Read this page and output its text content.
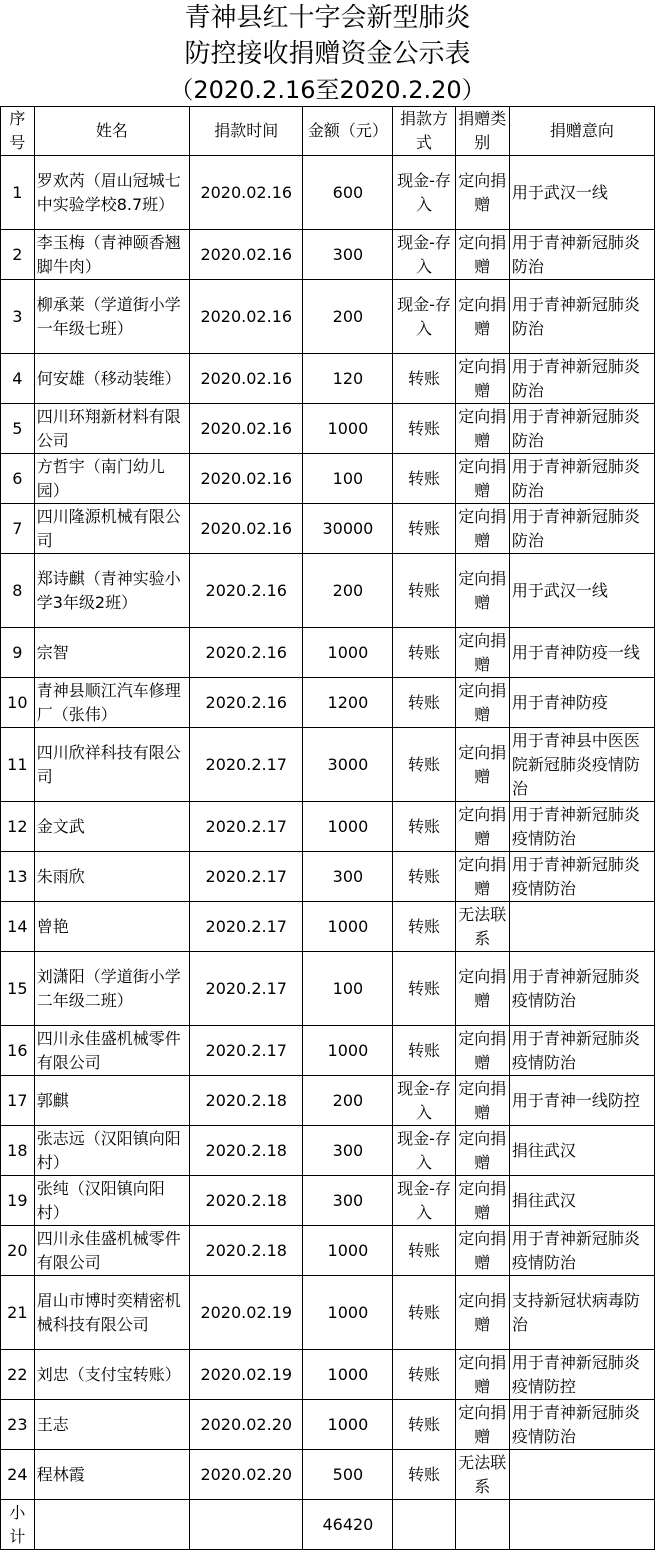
青神县红十字会新型肺炎
防控接收捐赠资金公示表
（2020.2.16至2020.2.20）
序号	姓名	捐款时间	金额（元）	捐款方式	捐赠类别	捐赠意向
1	罗欢芮（眉山冠城七中实验学校8.7班）	2020.02.16	600	现金-存入	定向捐赠	用于武汉一线
2	李玉梅（青神颐香翘脚牛肉）	2020.02.16	300	现金-存入	定向捐赠	用于青神新冠肺炎防治
3	柳承莱（学道街小学一年级七班）	2020.02.16	200	现金-存入	定向捐赠	用于青神新冠肺炎防治
4	何安雄（移动装维）	2020.02.16	120	转账	定向捐赠	用于青神新冠肺炎防治
5	四川环翔新材料有限公司	2020.02.16	1000	转账	定向捐赠	用于青神新冠肺炎防治
6	方哲宇（南门幼儿园）	2020.02.16	100	转账	定向捐赠	用于青神新冠肺炎防治
7	四川隆源机械有限公司	2020.02.16	30000	转账	定向捐赠	用于青神新冠肺炎防治
8	郑诗麒（青神实验小学3年级2班）	2020.2.16	200	转账	定向捐赠	用于武汉一线
9	宗智	2020.2.16	1000	转账	定向捐赠	用于青神防疫一线
10	青神县顺江汽车修理厂（张伟）	2020.2.16	1200	转账	定向捐赠	用于青神防疫
11	四川欣祥科技有限公司	2020.2.17	3000	转账	定向捐赠	用于青神县中医医院新冠肺炎疫情防治
12	金文武	2020.2.17	1000	转账	定向捐赠	用于青神新冠肺炎疫情防治
13	朱雨欣	2020.2.17	300	转账	定向捐赠	用于青神新冠肺炎疫情防治
14	曾艳	2020.2.17	1000	转账	无法联系	
15	刘潇阳（学道街小学二年级二班）	2020.2.17	100	转账	定向捐赠	用于青神新冠肺炎疫情防治
16	四川永佳盛机械零件有限公司	2020.2.17	1000	转账	定向捐赠	用于青神新冠肺炎疫情防治
17	郭麒	2020.2.18	200	现金-存入	定向捐赠	用于青神一线防控
18	张志远（汉阳镇向阳村）	2020.2.18	300	现金-存入	定向捐赠	捐往武汉
19	张纯（汉阳镇向阳村）	2020.2.18	300	现金-存入	定向捐赠	捐往武汉
20	四川永佳盛机械零件有限公司	2020.2.18	1000	转账	定向捐赠	用于青神新冠肺炎疫情防治
21	眉山市博时奕精密机械科技有限公司	2020.02.19	1000	转账	定向捐赠	支持新冠状病毒防治
22	刘忠（支付宝转账）	2020.02.19	1000	转账	定向捐赠	用于青神新冠肺炎疫情防控
23	王志	2020.02.20	1000	转账	定向捐赠	用于青神新冠肺炎疫情防治
24	程林霞	2020.02.20	500	转账	无法联系	
小计			46420			
